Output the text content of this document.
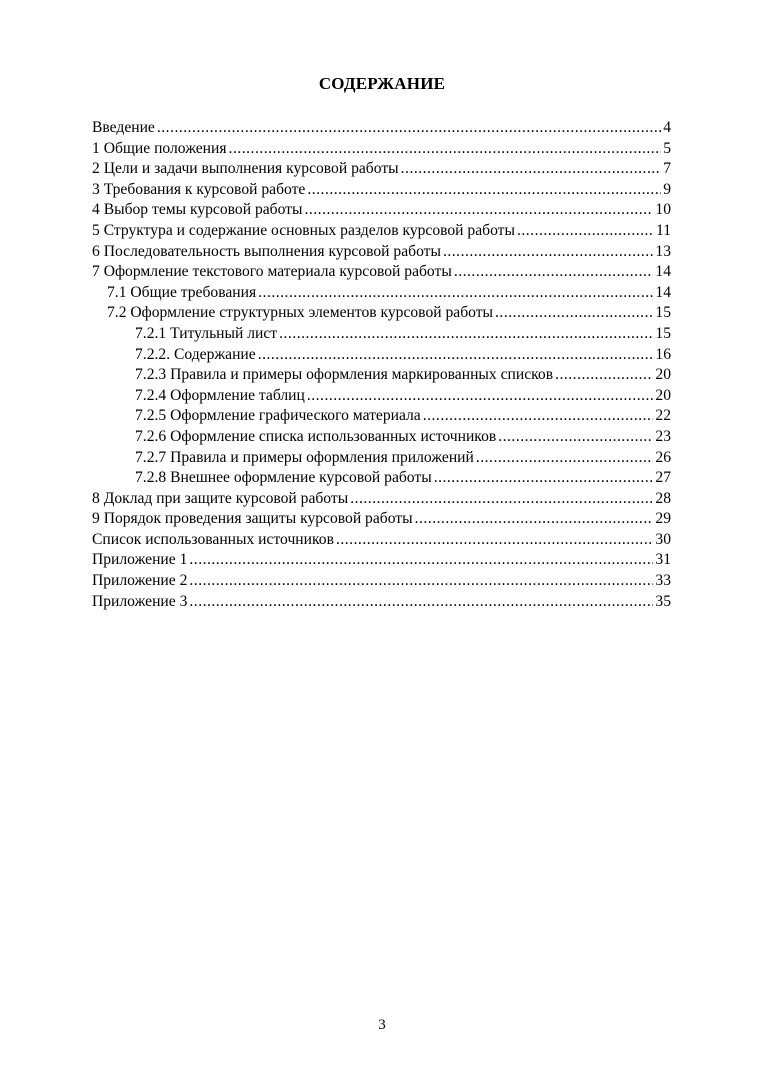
СОДЕРЖАНИЕ
Введение .....	4
1 Общие положения .....	5
2 Цели и задачи выполнения курсовой работы .....	7
3 Требования к курсовой работе .....	9
4 Выбор темы курсовой работы .....	10
5 Структура и содержание основных разделов курсовой работы .....	11
6 Последовательность выполнения курсовой работы .....	13
7 Оформление текстового материала курсовой работы .....	14
7.1 Общие требования .....	14
7.2 Оформление структурных элементов курсовой работы .....	15
7.2.1 Титульный лист .....	15
7.2.2. Содержание .....	16
7.2.3 Правила и примеры оформления маркированных списков .....	20
7.2.4 Оформление таблиц .....	20
7.2.5 Оформление графического материала .....	22
7.2.6 Оформление списка использованных источников .....	23
7.2.7 Правила и примеры оформления приложений .....	26
7.2.8 Внешнее оформление курсовой работы .....	27
8 Доклад при защите курсовой работы .....	28
9 Порядок проведения защиты курсовой работы .....	29
Список использованных источников .....	30
Приложение 1 .....	31
Приложение 2 .....	33
Приложение 3 .....	35
3
